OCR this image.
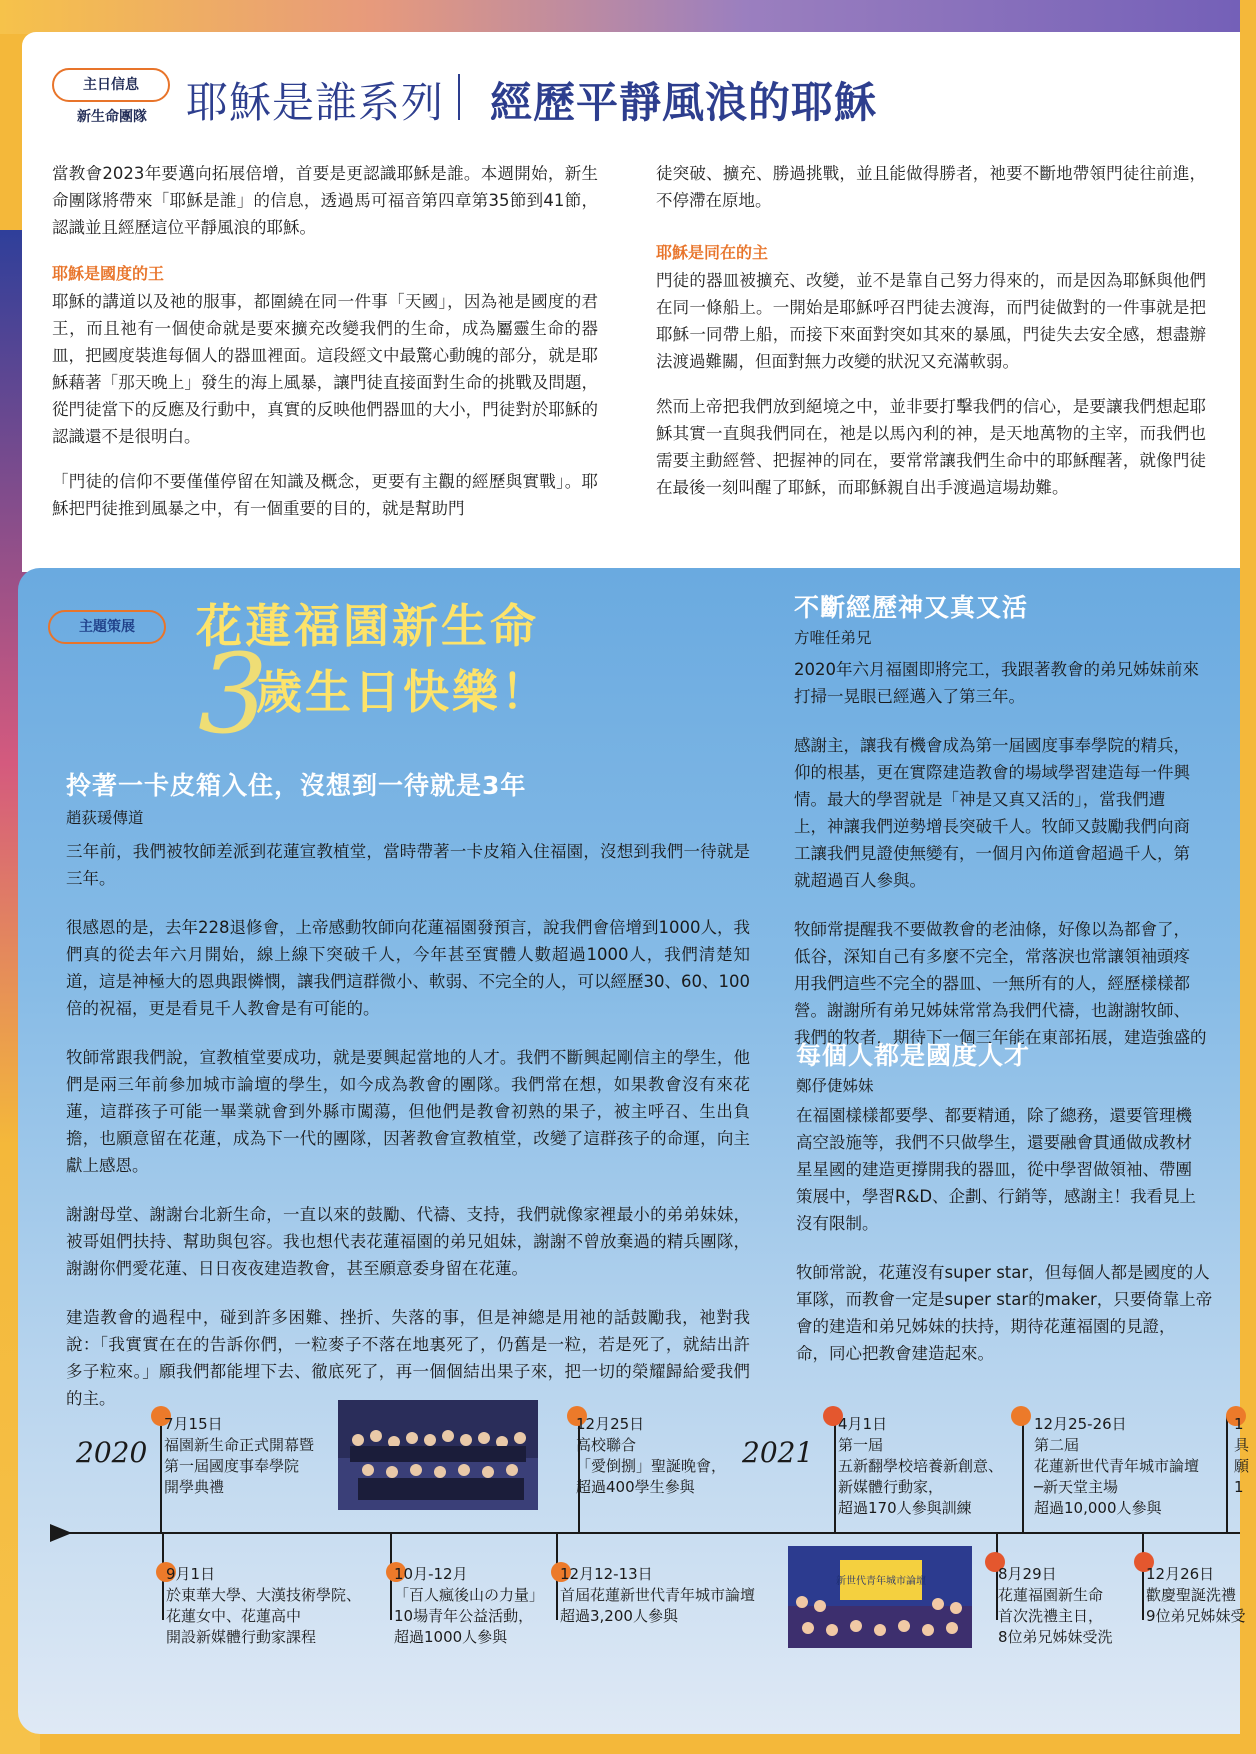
主日信息
新生命團隊 耶穌是誰系列 經歷平靜風浪的耶穌

當教會2023年要邁向拓展倍增，首要是更認識耶穌是誰。本週開始，新生命團隊將帶來「耶穌是誰」的信息，透過馬可福音第四章第35節到41節，認識並且經歷這位平靜風浪的耶穌。

耶穌是國度的王

耶穌的講道以及祂的服事，都圍繞在同一件事「天國」，因為祂是國度的君王，而且祂有一個使命就是要來擴充改變我們的生命，成為屬靈生命的器皿，把國度裝進每個人的器皿裡面。這段經文中最驚心動魄的部分，就是耶穌藉著「那天晚上」發生的海上風暴，讓門徒直接面對生命的挑戰及問題，從門徒當下的反應及行動中，真實的反映他們器皿的大小，門徒對於耶穌的認識還不是很明白。

「門徒的信仰不要僅僅停留在知識及概念，更要有主觀的經歷與實戰」。耶穌把門徒推到風暴之中，有一個重要的目的，就是幫助門

徒突破、擴充、勝過挑戰，並且能做得勝者，祂要不斷地帶領門徒往前進，不停滯在原地。

耶穌是同在的主

門徒的器皿被擴充、改變，並不是靠自己努力得來的，而是因為耶穌與他們在同一條船上。一開始是耶穌呼召門徒去渡海，而門徒做對的一件事就是把耶穌一同帶上船，而接下來面對突如其來的暴風，門徒失去安全感，想盡辦法渡過難關，但面對無力改變的狀況又充滿軟弱。

然而上帝把我們放到絕境之中，並非要打擊我們的信心，是要讓我們想起耶穌其實一直與我們同在，祂是以馬內利的神，是天地萬物的主宰，而我們也需要主動經營、把握神的同在，要常常讓我們生命中的耶穌醒著，就像門徒在最後一刻叫醒了耶穌，而耶穌親自出手渡過這場劫難。

主題策展
3
花蓮福園新生命
歲生日快樂！
拎著一卡皮箱入住，沒想到一待就是3年
趙荻瑗傳道

三年前，我們被牧師差派到花蓮宣教植堂，當時帶著一卡皮箱入住福園，沒想到我們一待就是三年。

很感恩的是，去年228退修會，上帝感動牧師向花蓮福園發預言，說我們會倍增到1000人，我們真的從去年六月開始，線上線下突破千人，今年甚至實體人數超過1000人，我們清楚知道，這是神極大的恩典跟憐憫，讓我們這群微小、軟弱、不完全的人，可以經歷30、60、100倍的祝福，更是看見千人教會是有可能的。

牧師常跟我們說，宣教植堂要成功，就是要興起當地的人才。我們不斷興起剛信主的學生，他們是兩三年前參加城市論壇的學生，如今成為教會的團隊。我們常在想，如果教會沒有來花蓮，這群孩子可能一畢業就會到外縣市闖蕩，但他們是教會初熟的果子，被主呼召、生出負擔，也願意留在花蓮，成為下一代的團隊，因著教會宣教植堂，改變了這群孩子的命運，向主獻上感恩。

謝謝母堂、謝謝台北新生命，一直以來的鼓勵、代禱、支持，我們就像家裡最小的弟弟妹妹，被哥姐們扶持、幫助與包容。我也想代表花蓮福園的弟兄姐妹，謝謝不曾放棄過的精兵團隊，謝謝你們愛花蓮、日日夜夜建造教會，甚至願意委身留在花蓮。

建造教會的過程中，碰到許多困難、挫折、失落的事，但是神總是用祂的話鼓勵我，祂對我說：「我實實在在的告訴你們，一粒麥子不落在地裏死了，仍舊是一粒，若是死了，就結出許多子粒來。」願我們都能埋下去、徹底死了，再一個個結出果子來，把一切的榮耀歸給愛我們的主。

不斷經歷神又真又活
方唯任弟兄
2020年六月福園即將完工，我跟著教會的弟兄姊妹前來
打掃一晃眼已經邁入了第三年。
感謝主，讓我有機會成為第一屆國度事奉學院的精兵，
仰的根基，更在實際建造教會的場域學習建造每一件興
情。最大的學習就是「神是又真又活的」，當我們遭
上，神讓我們逆勢增長突破千人。牧師又鼓勵我們向商
工讓我們見證使無變有，一個月內佈道會超過千人，第
就超過百人參與。
牧師常提醒我不要做教會的老油條，好像以為都會了，
低谷，深知自己有多麼不完全，常落淚也常讓領袖頭疼
用我們這些不完全的器皿、一無所有的人，經歷樣樣都
營。謝謝所有弟兄姊妹常常為我們代禱，也謝謝牧師、
我們的牧者，期待下一個三年能在東部拓展，建造強盛的
每個人都是國度人才
鄭伃倢姊妹
在福園樣樣都要學、都要精通，除了總務，還要管理機
高空設施等，我們不只做學生，還要融會貫通做成教材
星星國的建造更撐開我的器皿，從中學習做領袖、帶團
策展中，學習R&D、企劃、行銷等，感謝主！我看見上
沒有限制。
牧師常說，花蓮沒有super star，但每個人都是國度的人
軍隊，而教會一定是super star的maker，只要倚靠上帝
會的建造和弟兄姊妹的扶持，期待花蓮福園的見證，
命，同心把教會建造起來。
2020	2021
7月15日
福園新生命正式開幕暨
第一屆國度事奉學院
開學典禮
12月25日
高校聯合
「愛倒捌」聖誕晚會，
超過400學生參與
4月1日
第一屆
五新翻學校培養新創意、
新媒體行動家，
超過170人參與訓練
12月25-26日
第二屆
花蓮新世代青年城市論壇
─新天堂主場
超過10,000人參與
1
具
願
1
9月1日
於東華大學、大漢技術學院、
花蓮女中、花蓮高中
開設新媒體行動家課程
10月-12月
「百人瘋後山の力量」
10場青年公益活動，
超過1000人參與
12月12-13日
首屆花蓮新世代青年城市論壇
超過3,200人參與
新世代青年城市論壇	8月29日
花蓮福園新生命
首次洗禮主日，
8位弟兄姊妹受洗
12月26日
歡慶聖誕洗禮
9位弟兄姊妹受
